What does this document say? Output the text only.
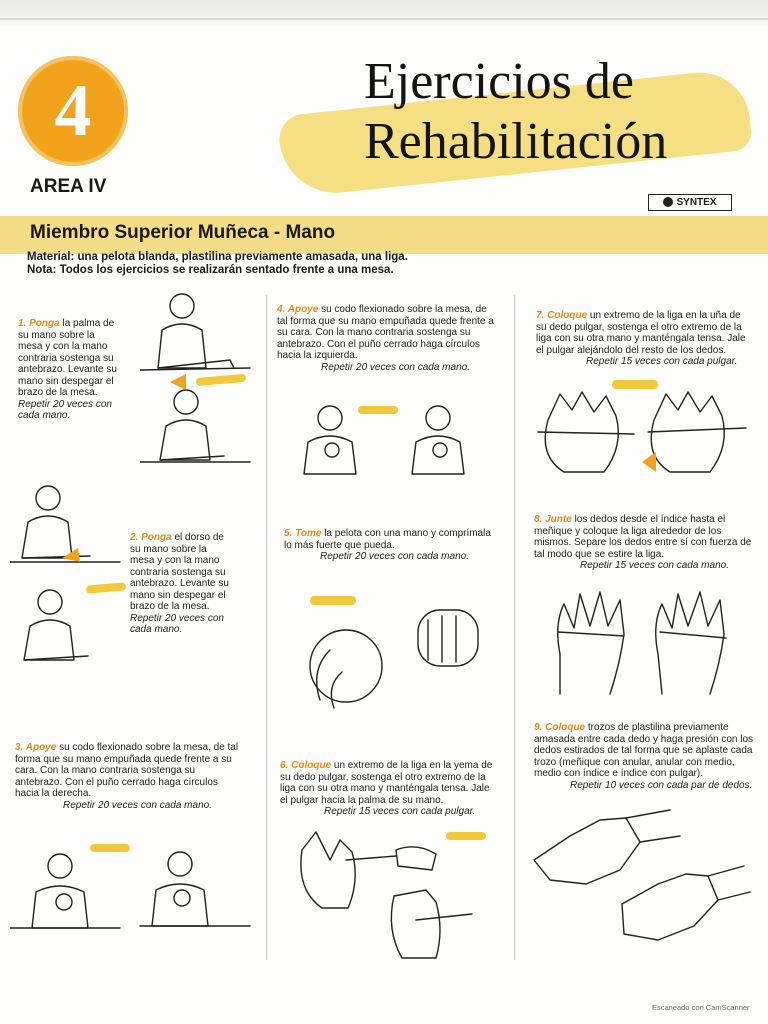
4
AREA IV
Ejercicios de
Rehabilitación
SYNTEX
Miembro Superior Muñeca - Mano
Material: una pelota blanda, plastilina previamente amasada, una liga.
Nota: Todos los ejercicios se realizarán sentado frente a una mesa.
1. Ponga la palma de su mano sobre la mesa y con la mano contraria sostenga su antebrazo. Levante su mano sin despegar el brazo de la mesa.
Repetir 20 veces con cada mano.
2. Ponga el dorso de su mano sobre la mesa y con la mano contraria sostenga su antebrazo. Levante su mano sin despegar el brazo de la mesa.
Repetir 20 veces con cada mano.
3. Apoye su codo flexionado sobre la mesa, de tal forma que su mano empuñada quede frente a su cara. Con la mano contraria sostenga su antebrazo. Con el puño cerrado haga círculos hacia la derecha.
Repetir 20 veces con cada mano.
4. Apoye su codo flexionado sobre la mesa, de tal forma que su mano empuñada quede frente a su cara. Con la mano contraria sostenga su antebrazo. Con el puño cerrado haga círculos hacia la izquierda.
Repetir 20 veces con cada mano.
5. Tome la pelota con una mano y comprímala lo más fuerte que pueda.
Repetir 20 veces con cada mano.
6. Coloque un extremo de la liga en la yema de su dedo pulgar, sostenga el otro extremo de la liga con su otra mano y manténgala tensa. Jale el pulgar hacia la palma de su mano.
Repetir 15 veces con cada pulgar.
7. Coloque un extremo de la liga en la uña de su dedo pulgar, sostenga el otro extremo de la liga con su otra mano y manténgala tensa. Jale el pulgar alejándolo del resto de los dedos.
Repetir 15 veces con cada pulgar.
8. Junte los dedos desde el índice hasta el meñique y coloque la liga alrededor de los mismos. Separe los dedos entre sí con fuerza de tal modo que se estire la liga.
Repetir 15 veces con cada mano.
9. Coloque trozos de plastilina previamente amasada entre cada dedo y haga presión con los dedos estirados de tal forma que se aplaste cada trozo (meñique con anular, anular con medio, medio con índice e índice con pulgar).
Repetir 10 veces con cada par de dedos.
Escaneado con CamScanner
